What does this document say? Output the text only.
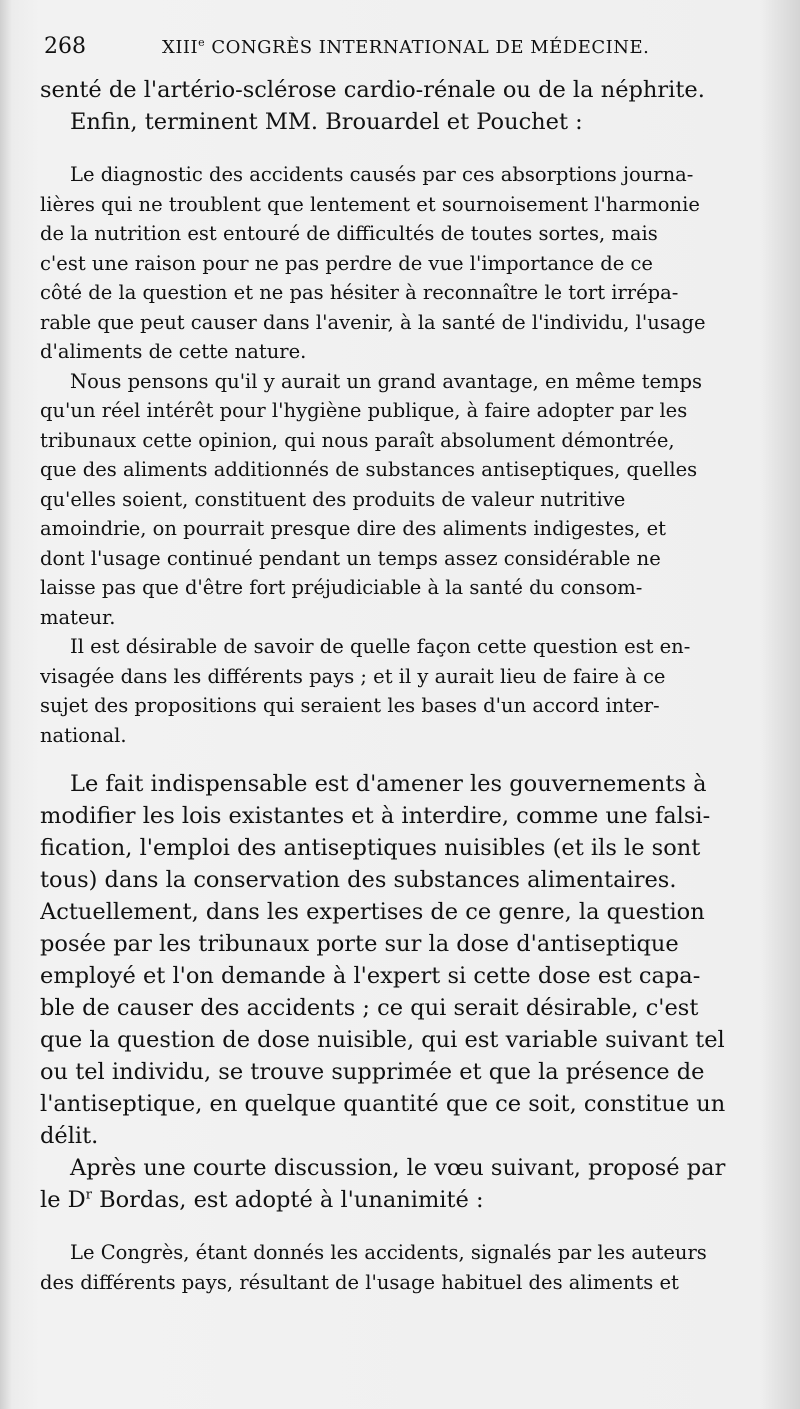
268	XIIIe CONGRÈS INTERNATIONAL DE MÉDECINE.
senté de l'artério-sclérose cardio-rénale ou de la néphrite.
Enfin, terminent MM. Brouardel et Pouchet :
Le diagnostic des accidents causés par ces absorptions journa-
lières qui ne troublent que lentement et sournoisement l'harmonie
de la nutrition est entouré de difficultés de toutes sortes, mais
c'est une raison pour ne pas perdre de vue l'importance de ce
côté de la question et ne pas hésiter à reconnaître le tort irrépa-
rable que peut causer dans l'avenir, à la santé de l'individu, l'usage
d'aliments de cette nature.
Nous pensons qu'il y aurait un grand avantage, en même temps
qu'un réel intérêt pour l'hygiène publique, à faire adopter par les
tribunaux cette opinion, qui nous paraît absolument démontrée,
que des aliments additionnés de substances antiseptiques, quelles
qu'elles soient, constituent des produits de valeur nutritive
amoindrie, on pourrait presque dire des aliments indigestes, et
dont l'usage continué pendant un temps assez considérable ne
laisse pas que d'être fort préjudiciable à la santé du consom-
mateur.
Il est désirable de savoir de quelle façon cette question est en-
visagée dans les différents pays ; et il y aurait lieu de faire à ce
sujet des propositions qui seraient les bases d'un accord inter-
national.
Le fait indispensable est d'amener les gouvernements à
modifier les lois existantes et à interdire, comme une falsi-
fication, l'emploi des antiseptiques nuisibles (et ils le sont
tous) dans la conservation des substances alimentaires.
Actuellement, dans les expertises de ce genre, la question
posée par les tribunaux porte sur la dose d'antiseptique
employé et l'on demande à l'expert si cette dose est capa-
ble de causer des accidents ; ce qui serait désirable, c'est
que la question de dose nuisible, qui est variable suivant tel
ou tel individu, se trouve supprimée et que la présence de
l'antiseptique, en quelque quantité que ce soit, constitue un
délit.
Après une courte discussion, le vœu suivant, proposé par
le $D^r$ Bordas, est adopté à l'unanimité :
Le Congrès, étant donnés les accidents, signalés par les auteurs
des différents pays, résultant de l'usage habituel des aliments et
